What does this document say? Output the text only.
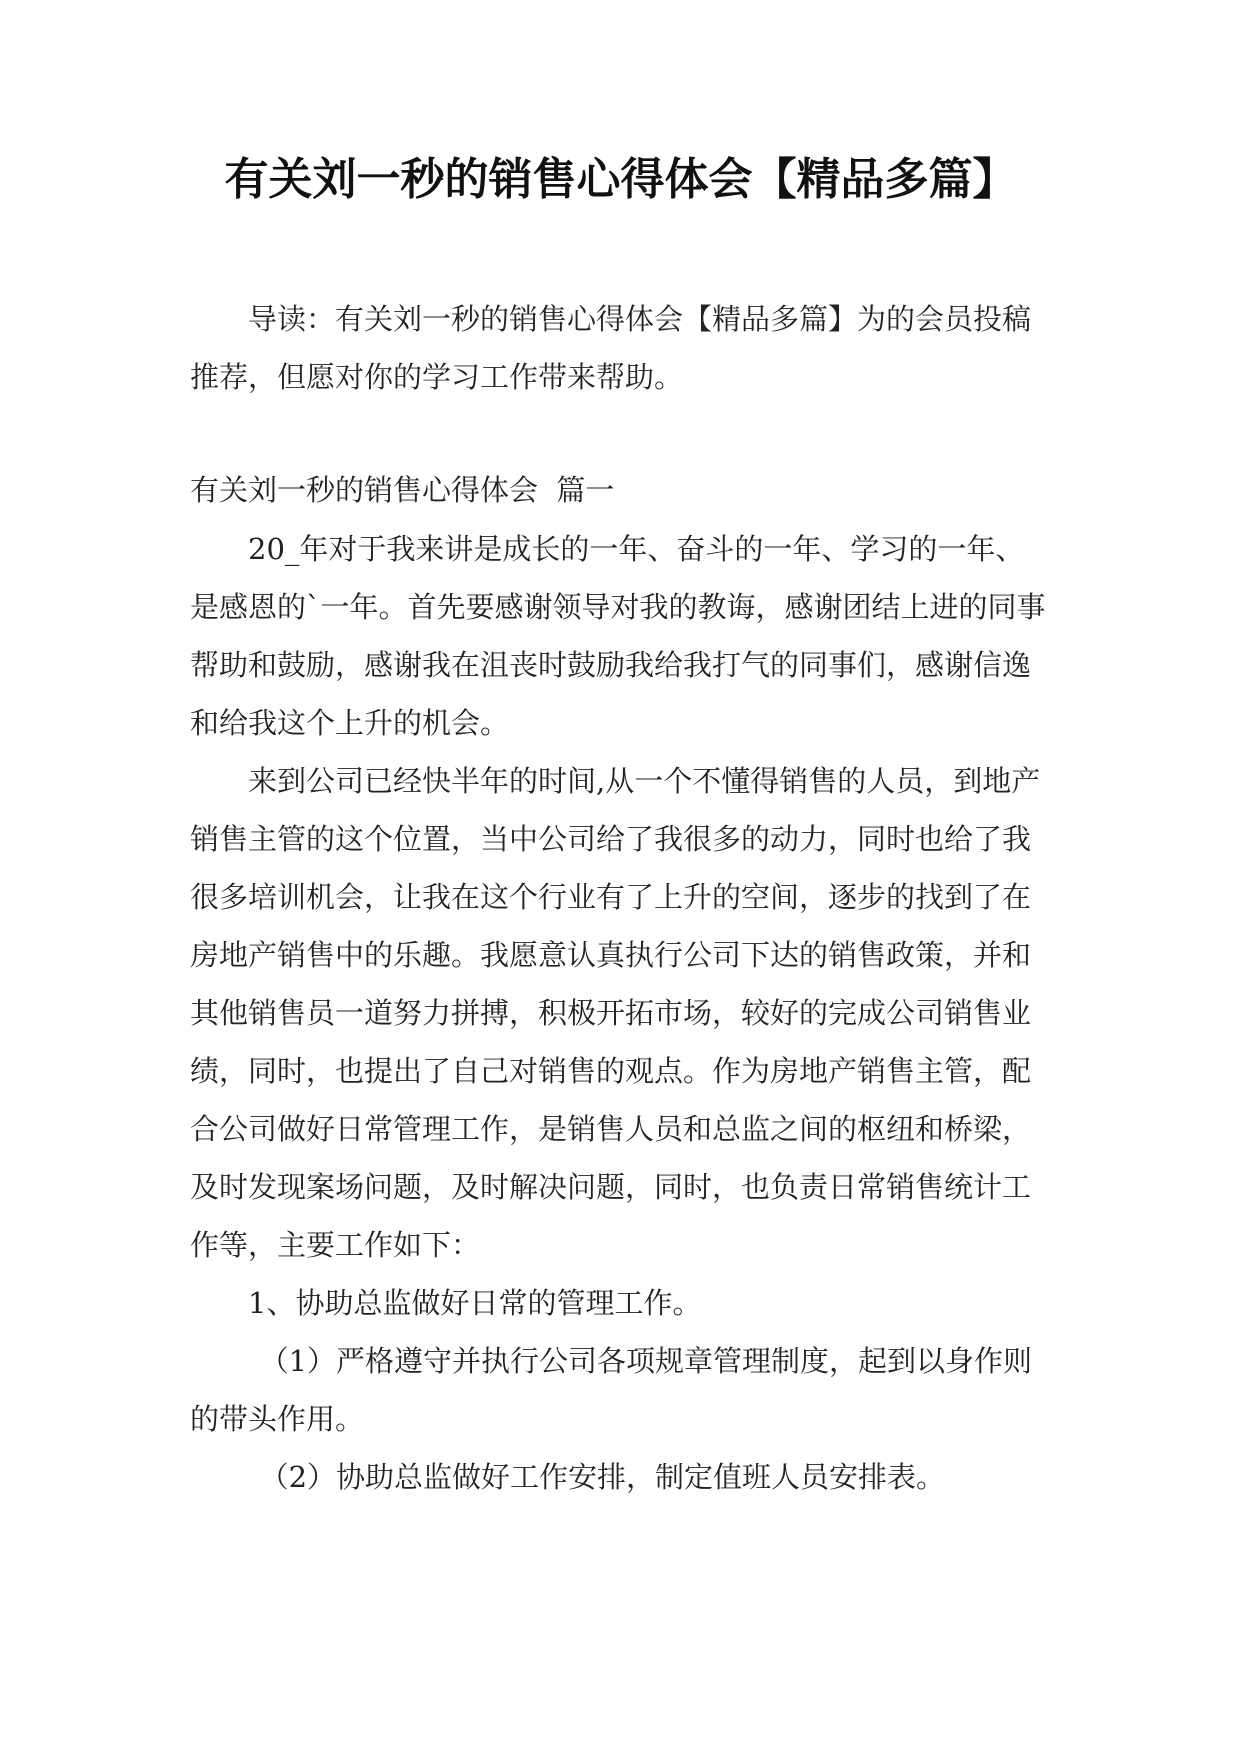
有关刘一秒的销售心得体会【精品多篇】

导读：有关刘一秒的销售心得体会【精品多篇】为的会员投稿推荐，但愿对你的学习工作带来帮助。

有关刘一秒的销售心得体会  篇一

20_年对于我来讲是成长的一年、奋斗的一年、学习的一年、是感恩的`一年。首先要感谢领导对我的教诲，感谢团结上进的同事帮助和鼓励，感谢我在沮丧时鼓励我给我打气的同事们，感谢信逸和给我这个上升的机会。

来到公司已经快半年的时间,从一个不懂得销售的人员，到地产销售主管的这个位置，当中公司给了我很多的动力，同时也给了我很多培训机会，让我在这个行业有了上升的空间，逐步的找到了在房地产销售中的乐趣。我愿意认真执行公司下达的销售政策，并和其他销售员一道努力拼搏，积极开拓市场，较好的完成公司销售业绩，同时，也提出了自己对销售的观点。作为房地产销售主管，配合公司做好日常管理工作，是销售人员和总监之间的枢纽和桥梁，及时发现案场问题，及时解决问题，同时，也负责日常销售统计工作等，主要工作如下：

1、协助总监做好日常的管理工作。

（1）严格遵守并执行公司各项规章管理制度，起到以身作则的带头作用。

（2）协助总监做好工作安排，制定值班人员安排表。
